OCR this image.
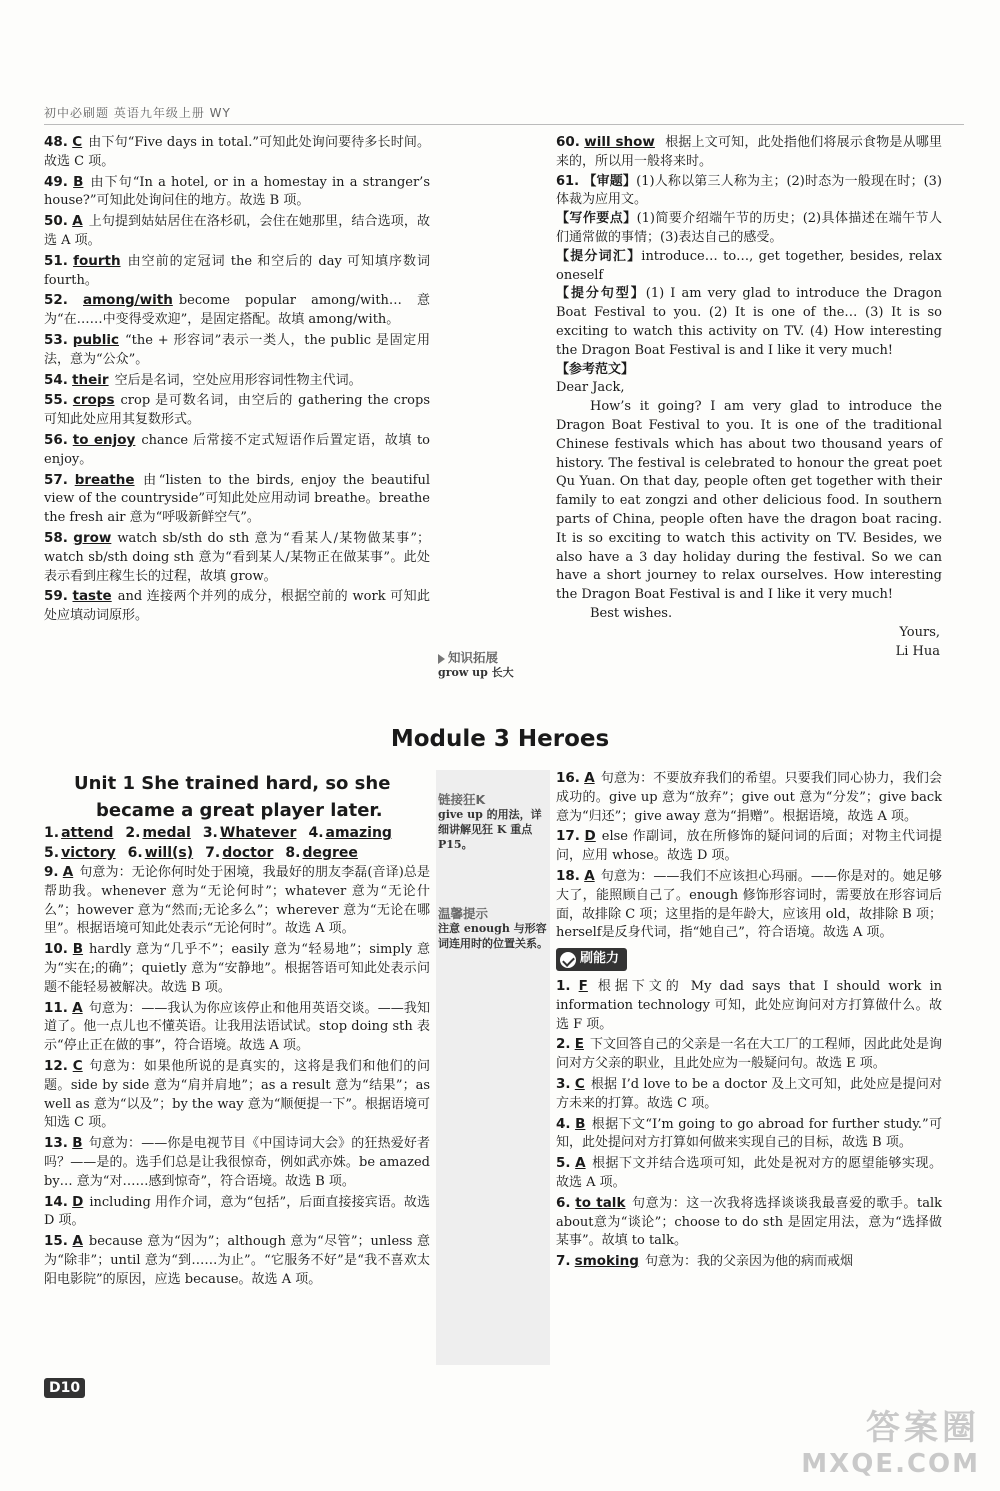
初中必刷题 英语九年级上册 WY
48. C 由下句“Five days in total.”可知此处询问要待多长时间。故选 C 项。
49. B 由下句“In a hotel, or in a homestay in a stranger’s house?”可知此处询问住的地方。故选 B 项。
50. A 上句提到姑姑居住在洛杉矶，会住在她那里，结合选项，故选 A 项。
51. fourth 由空前的定冠词 the 和空后的 day 可知填序数词 fourth。
52. among/with become popular among/with… 意为“在……中变得受欢迎”，是固定搭配。故填 among/with。
53. public “the + 形容词”表示一类人，the public 是固定用法，意为“公众”。
54. their 空后是名词，空处应用形容词性物主代词。
55. crops crop 是可数名词，由空后的 gathering the crops 可知此处应用其复数形式。
56. to enjoy chance 后常接不定式短语作后置定语，故填 to enjoy。
57. breathe 由“listen to the birds, enjoy the beautiful view of the countryside”可知此处应用动词 breathe。breathe the fresh air 意为“呼吸新鲜空气”。
58. grow watch sb/sth do sth 意为“看某人/某物做某事”；watch sb/sth doing sth 意为“看到某人/某物正在做某事”。此处表示看到庄稼生长的过程，故填 grow。
59. taste and 连接两个并列的成分，根据空前的 work 可知此处应填动词原形。
知识拓展
grow up 长大
60. will show 根据上文可知，此处指他们将展示食物是从哪里来的，所以用一般将来时。
61. 【审题】(1)人称以第三人称为主；(2)时态为一般现在时；(3)体裁为应用文。
【写作要点】(1)简要介绍端午节的历史；(2)具体描述在端午节人们通常做的事情；(3)表达自己的感受。
【提分词汇】introduce… to…, get together, besides, relax oneself
【提分句型】(1) I am very glad to introduce the Dragon Boat Festival to you. (2) It is one of the… (3) It is so exciting to watch this activity on TV. (4) How interesting the Dragon Boat Festival is and I like it very much!
【参考范文】
Dear Jack,
How’s it going? I am very glad to introduce the Dragon Boat Festival to you. It is one of the traditional Chinese festivals which has about two thousand years of history. The festival is celebrated to honour the great poet Qu Yuan. On that day, people often get together with their family to eat zongzi and other delicious food. In southern parts of China, people often have the dragon boat racing. It is so exciting to watch this activity on TV. Besides, we also have a 3 day holiday during the festival. So we can have a short journey to relax ourselves. How interesting the Dragon Boat Festival is and I like it very much!
Best wishes.
Yours,
Li Hua
Module 3 Heroes
Unit 1 She trained hard, so she
became a great player later.
链接狂K
give up 的用法，详细讲解见狂 K 重点 P15。
温馨提示
注意 enough 与形容词连用时的位置关系。
1. attend 2. medal 3. Whatever 4. amazing
5. victory 6. will(s) 7. doctor 8. degree
9. A 句意为：无论你何时处于困境，我最好的朋友李磊(音译)总是帮助我。whenever 意为“无论何时”；whatever 意为“无论什么”；however 意为“然而;无论多么”；wherever 意为“无论在哪里”。根据语境可知此处表示“无论何时”。故选 A 项。
10. B hardly 意为“几乎不”；easily 意为“轻易地”；simply 意为“实在;的确”；quietly 意为“安静地”。根据答语可知此处表示问题不能轻易被解决。故选 B 项。
11. A 句意为：——我认为你应该停止和他用英语交谈。——我知道了。他一点儿也不懂英语。让我用法语试试。stop doing sth 表示“停止正在做的事”，符合语境。故选 A 项。
12. C 句意为：如果他所说的是真实的，这将是我们和他们的问题。side by side 意为“肩并肩地”；as a result 意为“结果”；as well as 意为“以及”；by the way 意为“顺便提一下”。根据语境可知选 C 项。
13. B 句意为：——你是电视节目《中国诗词大会》的狂热爱好者吗？——是的。选手们总是让我很惊奇，例如武亦姝。be amazed by… 意为“对……感到惊奇”，符合语境。故选 B 项。
14. D including 用作介词，意为“包括”，后面直接接宾语。故选 D 项。
15. A because 意为“因为”；although 意为“尽管”；unless 意为“除非”；until 意为“到……为止”。“它服务不好”是“我不喜欢太阳电影院”的原因，应选 because。故选 A 项。
16. A 句意为：不要放弃我们的希望。只要我们同心协力，我们会成功的。give up 意为“放弃”；give out 意为“分发”；give back 意为“归还”；give away 意为“捐赠”。根据语境，故选 A 项。
17. D else 作副词，放在所修饰的疑问词的后面；对物主代词提问，应用 whose。故选 D 项。
18. A 句意为：——我们不应该担心玛丽。——你是对的。她足够大了，能照顾自己了。enough 修饰形容词时，需要放在形容词后面，故排除 C 项；这里指的是年龄大，应该用 old，故排除 B 项；herself是反身代词，指“她自己”，符合语境。故选 A 项。
刷能力
1. F 根据下文的 My dad says that I should work in information technology 可知，此处应询问对方打算做什么。故选 F 项。
2. E 下文回答自己的父亲是一名在大工厂的工程师，因此此处是询问对方父亲的职业，且此处应为一般疑问句。故选 E 项。
3. C 根据 I’d love to be a doctor 及上文可知，此处应是提问对方未来的打算。故选 C 项。
4. B 根据下文“I’m going to go abroad for further study.”可知，此处提问对方打算如何做来实现自己的目标，故选 B 项。
5. A 根据下文并结合选项可知，此处是祝对方的愿望能够实现。故选 A 项。
6. to talk 句意为：这一次我将选择谈谈我最喜爱的歌手。talk about意为“谈论”；choose to do sth 是固定用法，意为“选择做某事”。故填 to talk。
7. smoking 句意为：我的父亲因为他的病而戒烟
D10
答案圈
MXQE.COM
